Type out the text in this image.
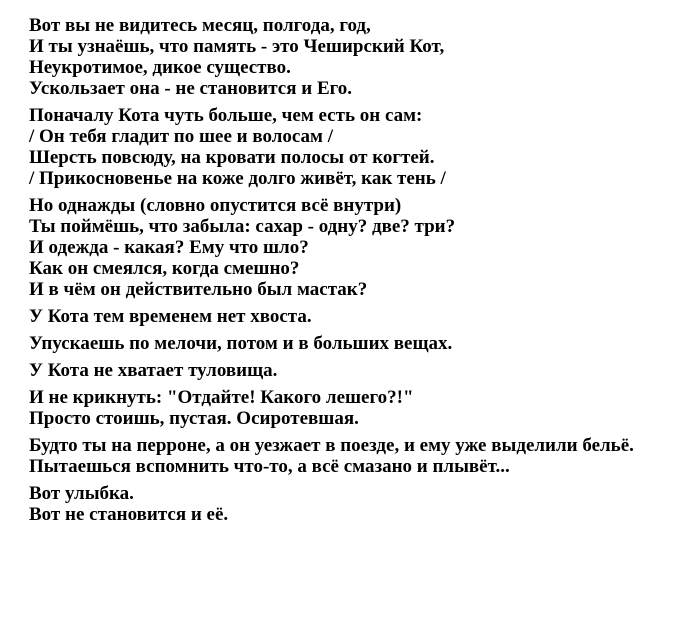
Вот вы не видитесь месяц, полгода, год,
И ты узнаёшь, что память - это Чеширский Кот,
Неукротимое, дикое существо.
Ускользает она - не становится и Его.
Поначалу Кота чуть больше, чем есть он сам:
/ Он тебя гладит по шее и волосам /
Шерсть повсюду, на кровати полосы от когтей.
/ Прикосновенье на коже долго живёт, как тень /
Но однажды (словно опустится всё внутри)
Ты поймёшь, что забыла: сахар - одну? две? три?
И одежда - какая? Ему что шло?
Как он смеялся, когда смешно?
И в чём он действительно был мастак?
У Кота тем временем нет хвоста.
Упускаешь по мелочи, потом и в больших вещах.
У Кота не хватает туловища.
И не крикнуть: "Отдайте! Какого лешего?!"
Просто стоишь, пустая. Осиротевшая.
Будто ты на перроне, а он уезжает в поезде, и ему уже выделили бельё.
Пытаешься вспомнить что-то, а всё смазано и плывёт...
Вот улыбка.
Вот не становится и её.
